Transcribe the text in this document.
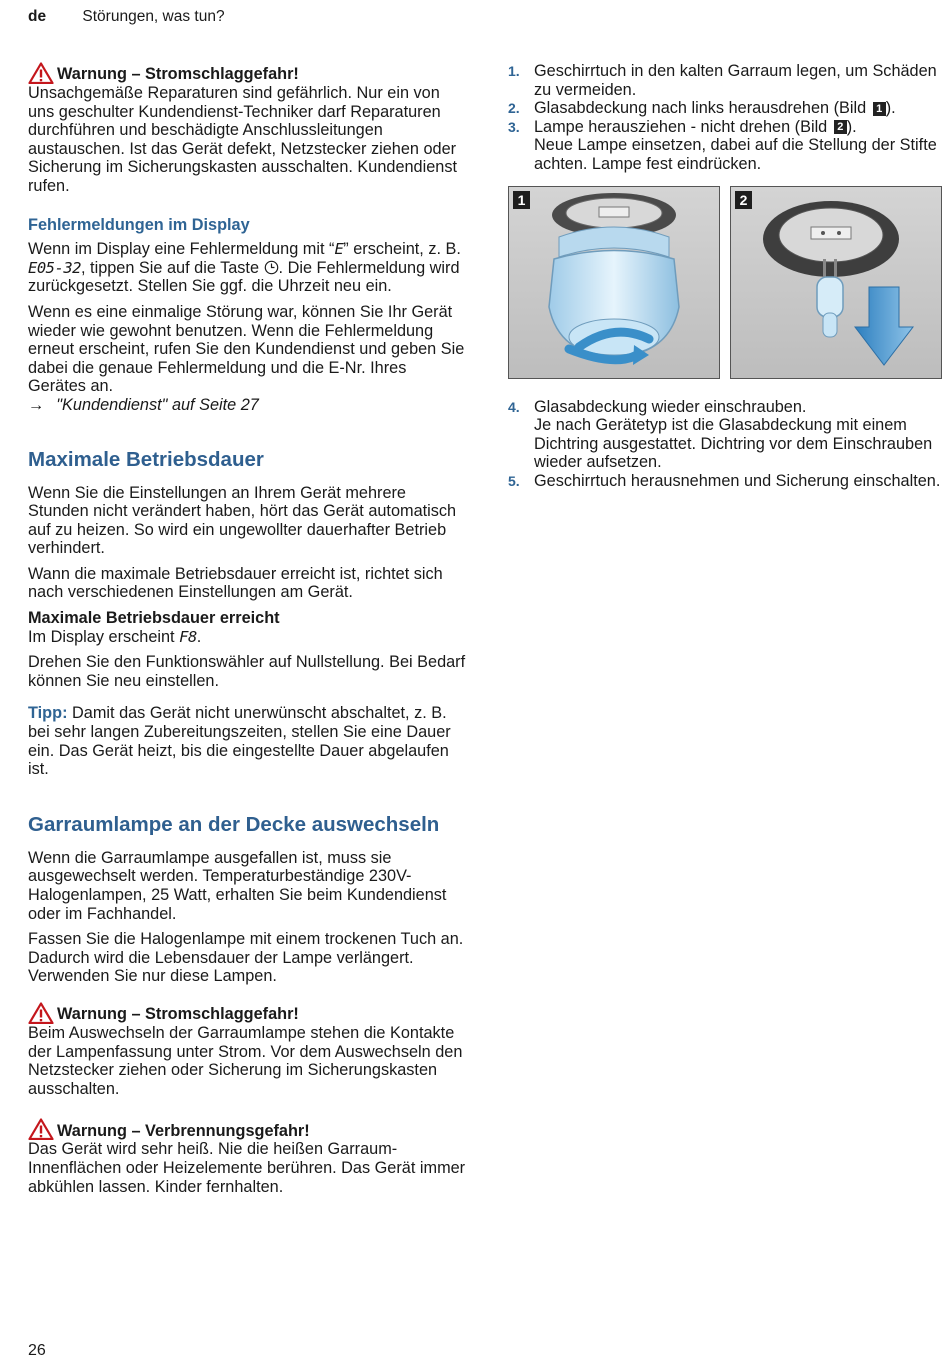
de Störungen, was tun?
Warnung – Stromschlaggefahr!
Unsachgemäße Reparaturen sind gefährlich. Nur ein von uns geschulter Kundendienst-Techniker darf Reparaturen durchführen und beschädigte Anschlussleitungen austauschen. Ist das Gerät defekt, Netzstecker ziehen oder Sicherung im Sicherungskasten ausschalten. Kundendienst rufen.
Fehlermeldungen im Display

Wenn im Display eine Fehlermeldung mit “E” erscheint, z. B. E05-32, tippen Sie auf die Taste . Die Fehlermeldung wird zurückgesetzt. Stellen Sie ggf. die Uhrzeit neu ein.

Wenn es eine einmalige Störung war, können Sie Ihr Gerät wieder wie gewohnt benutzen. Wenn die Fehlermeldung erneut erscheint, rufen Sie den Kundendienst und geben Sie dabei die genaue Fehlermeldung und die E-Nr. Ihres Gerätes an.

→ "Kundendienst" auf Seite 27

Maximale Betriebsdauer

Wenn Sie die Einstellungen an Ihrem Gerät mehrere Stunden nicht verändert haben, hört das Gerät automatisch auf zu heizen. So wird ein ungewollter dauerhafter Betrieb verhindert.

Wann die maximale Betriebsdauer erreicht ist, richtet sich nach verschiedenen Einstellungen am Gerät.

Maximale Betriebsdauer erreicht

Im Display erscheint F8.

Drehen Sie den Funktionswähler auf Nullstellung. Bei Bedarf können Sie neu einstellen.

Tipp: Damit das Gerät nicht unerwünscht abschaltet, z. B. bei sehr langen Zubereitungszeiten, stellen Sie eine Dauer ein. Das Gerät heizt, bis die eingestellte Dauer abgelaufen ist.

Garraumlampe an der Decke auswechseln

Wenn die Garraumlampe ausgefallen ist, muss sie ausgewechselt werden. Temperaturbeständige 230V-Halogenlampen, 25 Watt, erhalten Sie beim Kundendienst oder im Fachhandel.

Fassen Sie die Halogenlampe mit einem trockenen Tuch an. Dadurch wird die Lebensdauer der Lampe verlängert. Verwenden Sie nur diese Lampen.

Warnung – Stromschlaggefahr!
Beim Auswechseln der Garraumlampe stehen die Kontakte der Lampenfassung unter Strom. Vor dem Auswechseln den Netzstecker ziehen oder Sicherung im Sicherungskasten ausschalten.
Warnung – Verbrennungsgefahr!
Das Gerät wird sehr heiß. Nie die heißen Garraum-Innenflächen oder Heizelemente berühren. Das Gerät immer abkühlen lassen. Kinder fernhalten.
1. Geschirrtuch in den kalten Garraum legen, um Schäden zu vermeiden.
2. Glasabdeckung nach links herausdrehen (Bild 1 ).
3. Lampe herausziehen - nicht drehen (Bild 2 ).
Neue Lampe einsetzen, dabei auf die Stellung der Stifte achten. Lampe fest eindrücken.
1	2
4. Glasabdeckung wieder einschrauben.
Je nach Gerätetyp ist die Glasabdeckung mit einem Dichtring ausgestattet. Dichtring vor dem Einschrauben wieder aufsetzen.
5. Geschirrtuch herausnehmen und Sicherung einschalten.
26
